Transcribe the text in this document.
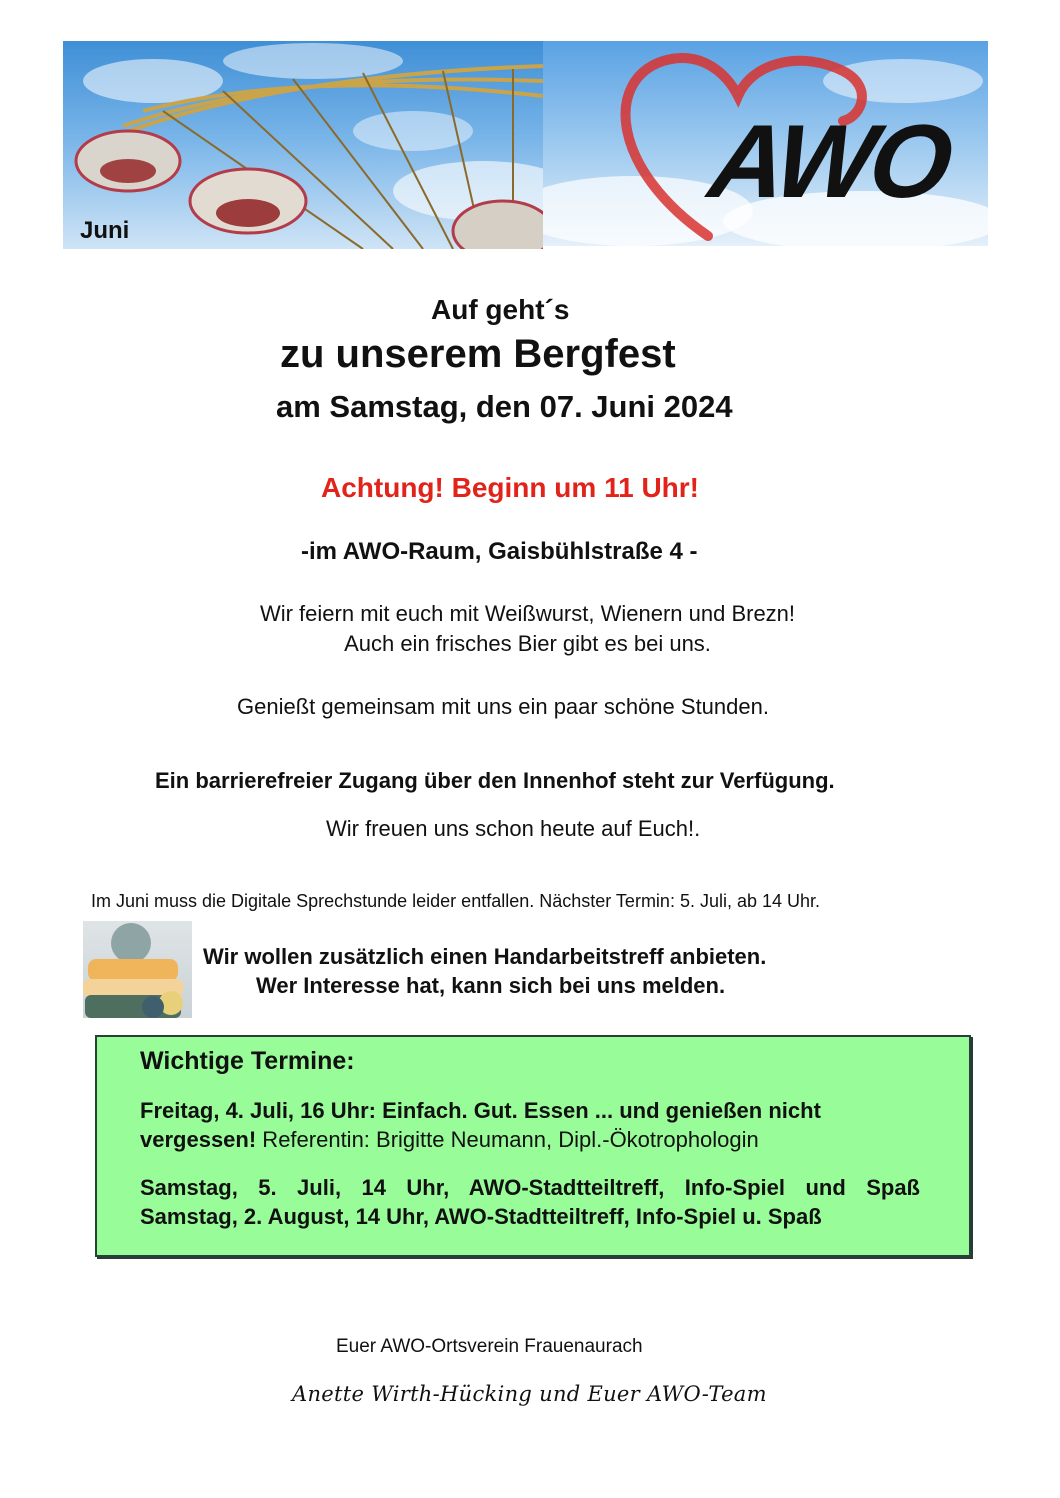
Juni
AWO
Auf geht´s
zu unserem Bergfest
am Samstag, den 07. Juni 2024
Achtung! Beginn um 11 Uhr!
-im AWO-Raum, Gaisbühlstraße 4 -
Wir feiern mit euch mit Weißwurst, Wienern und Brezn!
Auch ein frisches Bier gibt es bei uns.
Genießt gemeinsam mit uns ein paar schöne Stunden.
Ein barrierefreier Zugang über den Innenhof steht zur Verfügung.
Wir freuen uns schon heute auf Euch!.
Im Juni muss die Digitale Sprechstunde leider entfallen. Nächster Termin: 5. Juli, ab 14 Uhr.
Wir wollen zusätzlich einen Handarbeitstreff anbieten.
Wer Interesse hat, kann sich bei uns melden.
Wichtige Termine:
Freitag, 4. Juli, 16 Uhr: Einfach. Gut. Essen ... und genießen nicht
vergessen! Referentin: Brigitte Neumann, Dipl.-Ökotrophologin
Samstag, 5. Juli, 14 Uhr, AWO-Stadtteiltreff, Info-Spiel und Spaß
Samstag, 2. August, 14 Uhr, AWO-Stadtteiltreff, Info-Spiel u. Spaß
Euer AWO-Ortsverein Frauenaurach
Anette Wirth-Hücking und Euer AWO-Team
